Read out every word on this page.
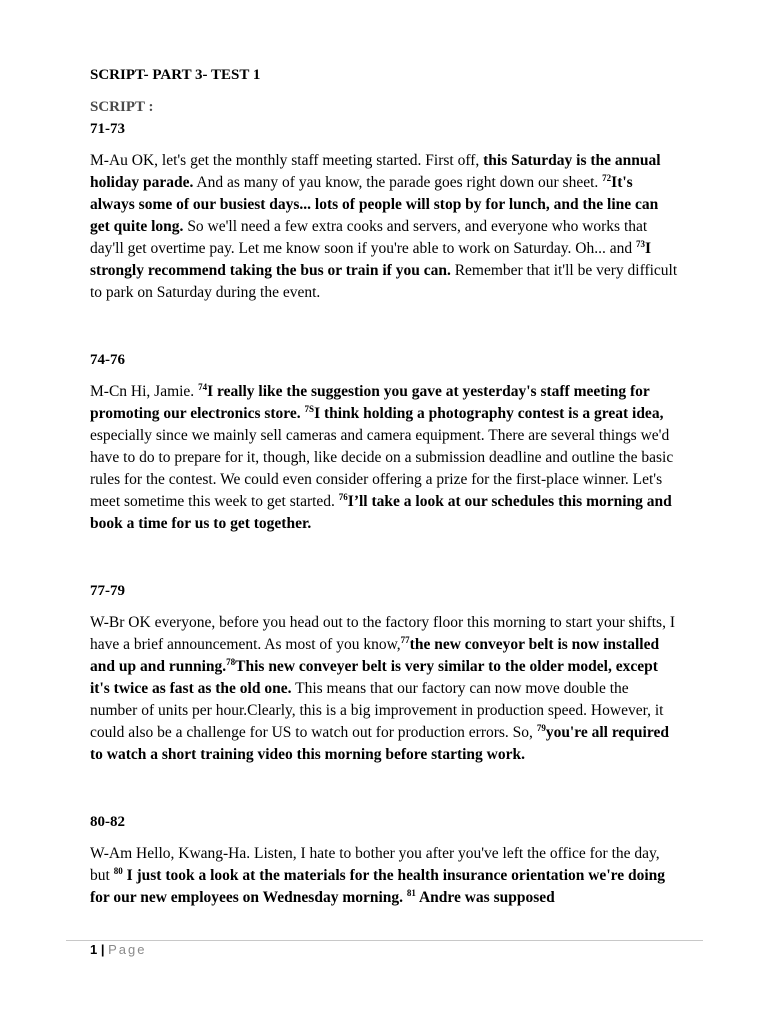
SCRIPT- PART 3- TEST 1

SCRIPT :

71-73

M-Au OK, let's get the monthly staff meeting started. First off, this Saturday is the annual holiday parade. And as many of yau know, the parade goes right down our sheet. $^{72}$It's always some of our busiest days... lots of people will stop by for lunch, and the line can get quite long. So we'll need a few extra cooks and servers, and everyone who works that day'll get overtime pay. Let me know soon if you're able to work on Saturday. Oh... and $^{73}$I strongly recommend taking the bus or train if you can. Remember that it'll be very difficult to park on Saturday during the event.

74-76

M-Cn Hi, Jamie. $^{74}$I really like the suggestion you gave at yesterday's staff meeting for promoting our electronics store. $^{7S}$I think holding a photography contest is a great idea, especially since we mainly sell cameras and camera equipment. There are several things we'd have to do to prepare for it, though, like decide on a submission deadline and outline the basic rules for the contest. We could even consider offering a prize for the first-place winner. Let's meet sometime this week to get started. $^{76}$I’ll take a look at our schedules this morning and book a time for us to get together.

77-79

W-Br OK everyone, before you head out to the factory floor this morning to start your shifts, I have a brief announcement. As most of you know,$^{77}$the new conveyor belt is now installed and up and running.$^{78}$This new conveyer belt is very similar to the older model, except it's twice as fast as the old one. This means that our factory can now move double the number of units per hour.Clearly, this is a big improvement in production speed. However, it could also be a challenge for US to watch out for production errors. So, $^{79}$you're all required to watch a short training video this morning before starting work.

80-82

W-Am Hello, Kwang-Ha. Listen, I hate to bother you after you've left the office for the day, but $^{80}$ I just took a look at the materials for the health insurance orientation we're doing for our new employees on Wednesday morning. $^{81}$ Andre was supposed

1 | Page
